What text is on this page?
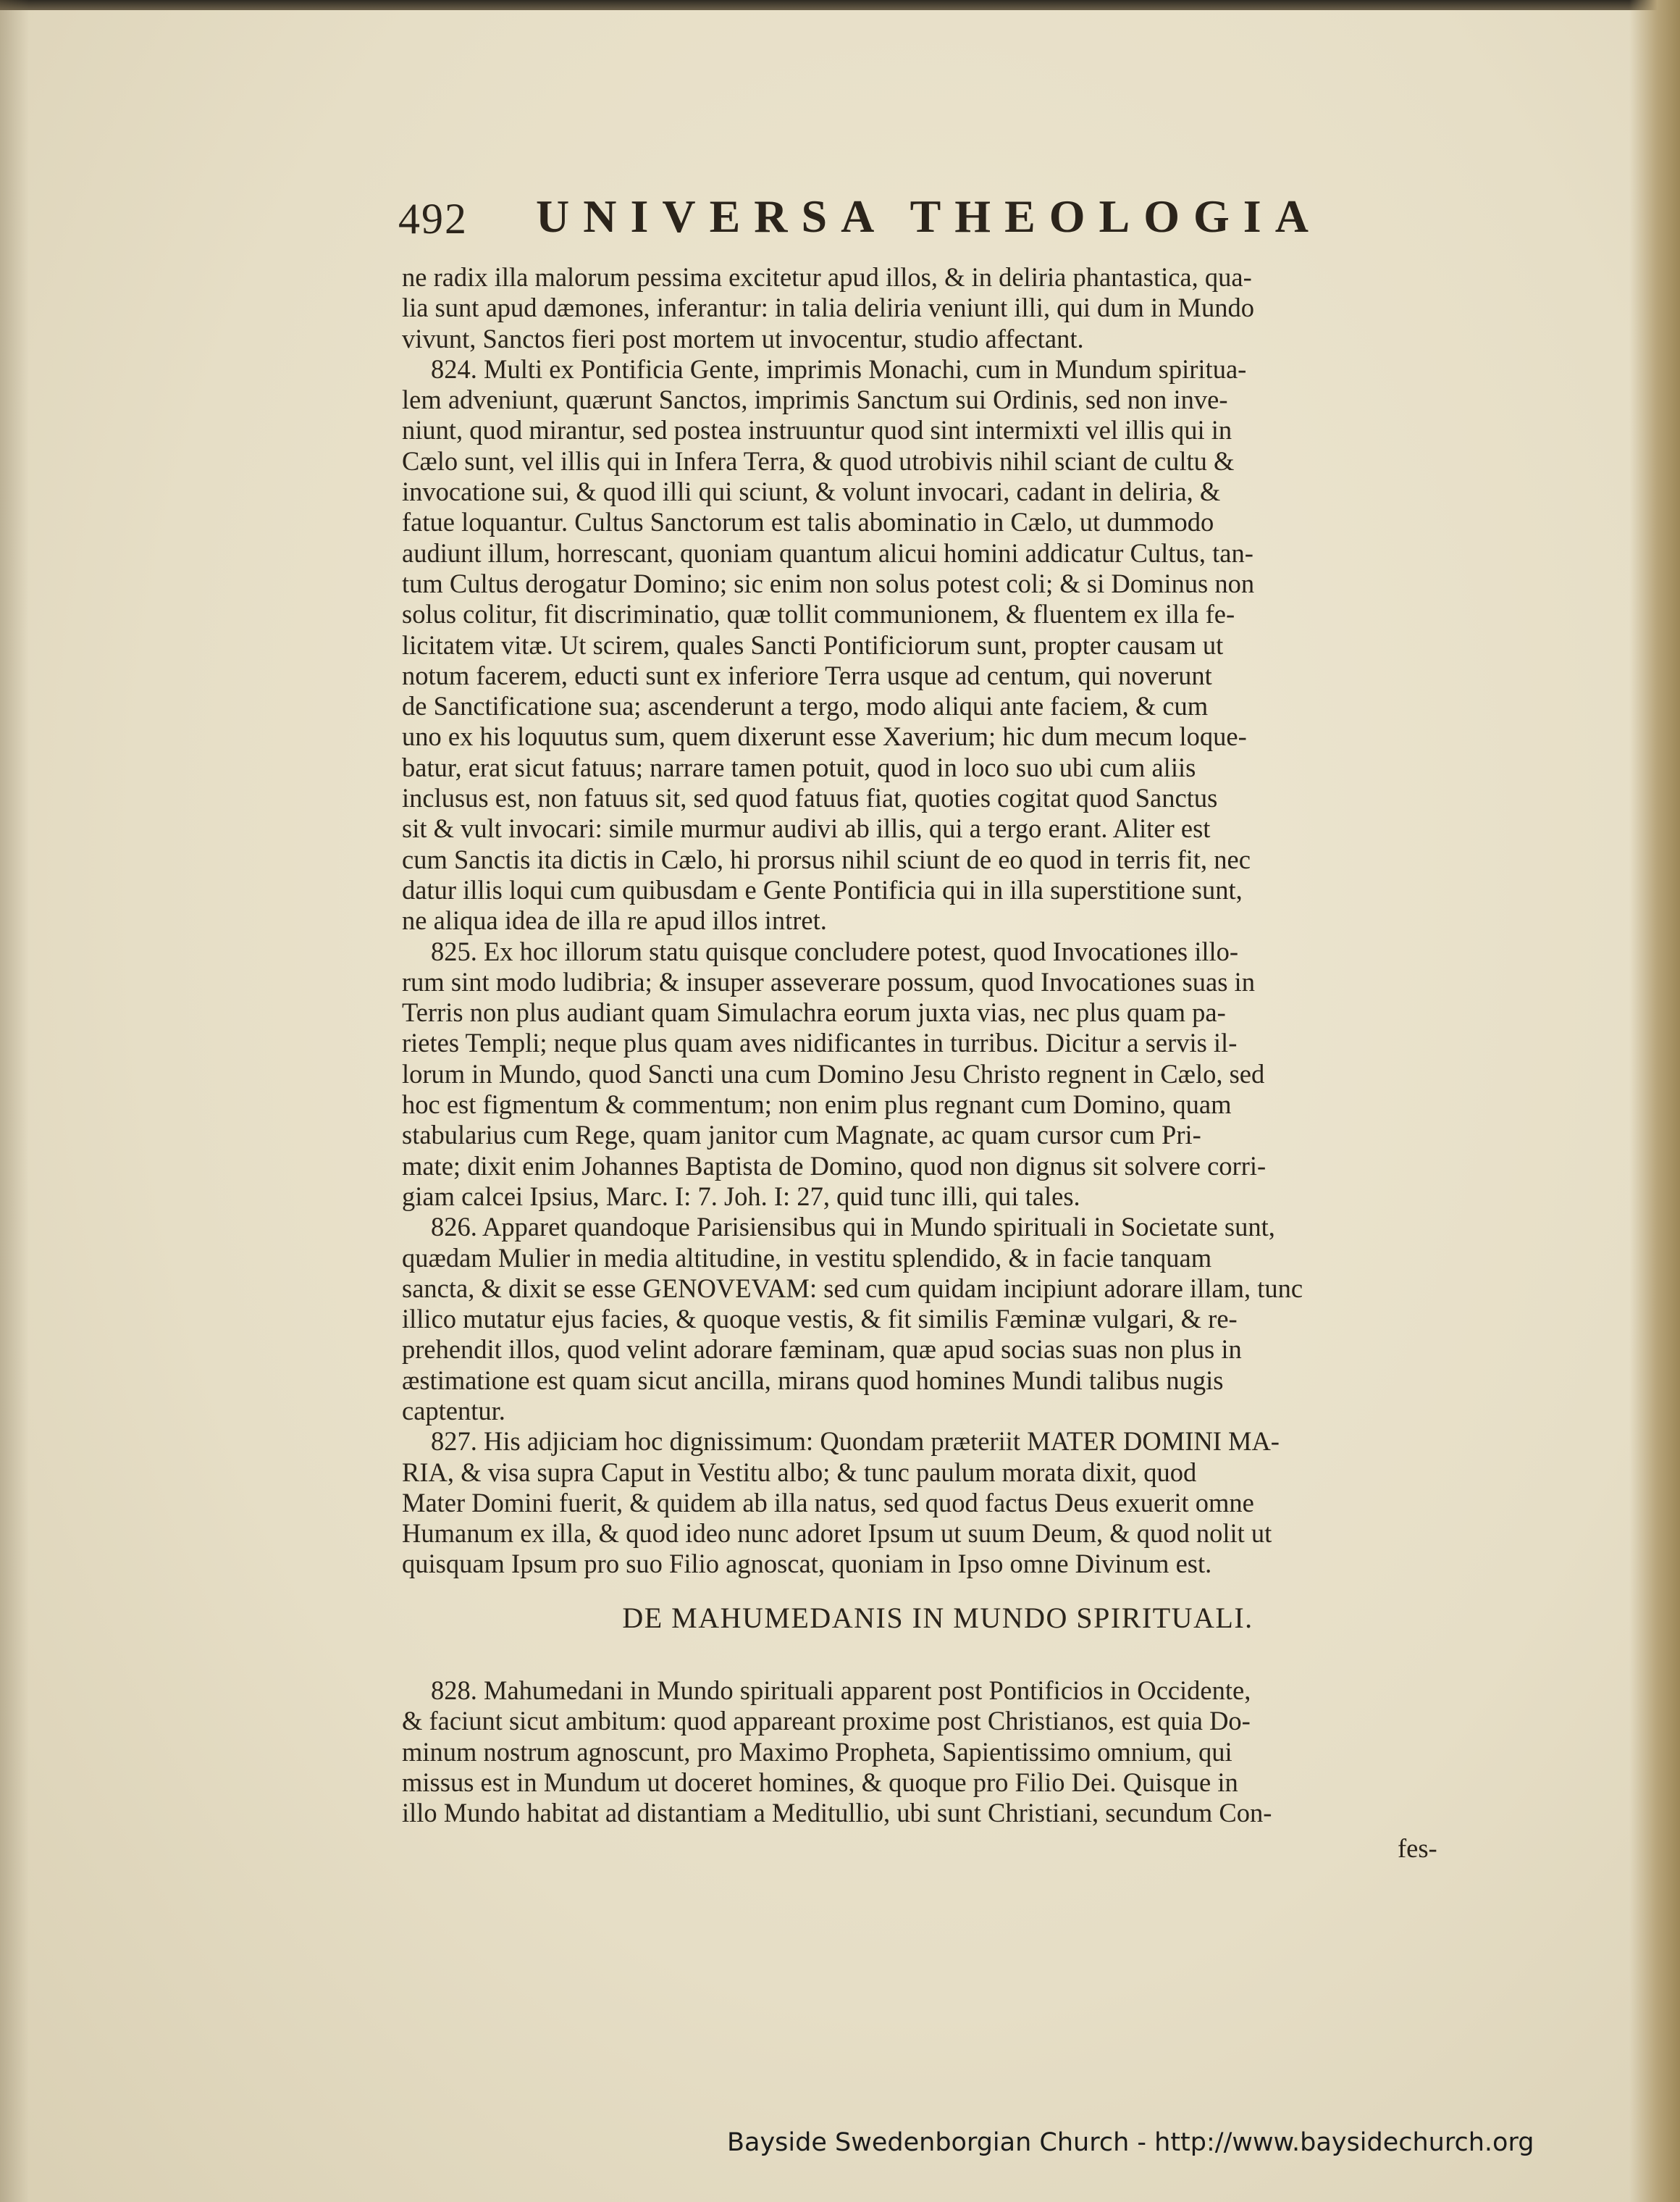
492 UNIVERSA THEOLOGIA
ne radix illa malorum pessima excitetur apud illos, & in deliria phantastica, qua-
lia sunt apud dæmones, inferantur: in talia deliria veniunt illi, qui dum in Mundo
vivunt, Sanctos fieri post mortem ut invocentur, studio affectant.
824. Multi ex Pontificia Gente, imprimis Monachi, cum in Mundum spiritua-
lem adveniunt, quærunt Sanctos, imprimis Sanctum sui Ordinis, sed non inve-
niunt, quod mirantur, sed postea instruuntur quod sint intermixti vel illis qui in
Cælo sunt, vel illis qui in Infera Terra, & quod utrobivis nihil sciant de cultu &
invocatione sui, & quod illi qui sciunt, & volunt invocari, cadant in deliria, &
fatue loquantur. Cultus Sanctorum est talis abominatio in Cælo, ut dummodo
audiunt illum, horrescant, quoniam quantum alicui homini addicatur Cultus, tan-
tum Cultus derogatur Domino; sic enim non solus potest coli; & si Dominus non
solus colitur, fit discriminatio, quæ tollit communionem, & fluentem ex illa fe-
licitatem vitæ. Ut scirem, quales Sancti Pontificiorum sunt, propter causam ut
notum facerem, educti sunt ex inferiore Terra usque ad centum, qui noverunt
de Sanctificatione sua; ascenderunt a tergo, modo aliqui ante faciem, & cum
uno ex his loquutus sum, quem dixerunt esse Xaverium; hic dum mecum loque-
batur, erat sicut fatuus; narrare tamen potuit, quod in loco suo ubi cum aliis
inclusus est, non fatuus sit, sed quod fatuus fiat, quoties cogitat quod Sanctus
sit & vult invocari: simile murmur audivi ab illis, qui a tergo erant. Aliter est
cum Sanctis ita dictis in Cælo, hi prorsus nihil sciunt de eo quod in terris fit, nec
datur illis loqui cum quibusdam e Gente Pontificia qui in illa superstitione sunt,
ne aliqua idea de illa re apud illos intret.
825. Ex hoc illorum statu quisque concludere potest, quod Invocationes illo-
rum sint modo ludibria; & insuper asseverare possum, quod Invocationes suas in
Terris non plus audiant quam Simulachra eorum juxta vias, nec plus quam pa-
rietes Templi; neque plus quam aves nidificantes in turribus. Dicitur a servis il-
lorum in Mundo, quod Sancti una cum Domino Jesu Christo regnent in Cælo, sed
hoc est figmentum & commentum; non enim plus regnant cum Domino, quam
stabularius cum Rege, quam janitor cum Magnate, ac quam cursor cum Pri-
mate; dixit enim Johannes Baptista de Domino, quod non dignus sit solvere corri-
giam calcei Ipsius, Marc. I: 7. Joh. I: 27, quid tunc illi, qui tales.
826. Apparet quandoque Parisiensibus qui in Mundo spirituali in Societate sunt,
quædam Mulier in media altitudine, in vestitu splendido, & in facie tanquam
sancta, & dixit se esse GENOVEVAM: sed cum quidam incipiunt adorare illam, tunc
illico mutatur ejus facies, & quoque vestis, & fit similis Fæminæ vulgari, & re-
prehendit illos, quod velint adorare fæminam, quæ apud socias suas non plus in
æstimatione est quam sicut ancilla, mirans quod homines Mundi talibus nugis
captentur.
827. His adjiciam hoc dignissimum: Quondam præteriit MATER DOMINI MA-
RIA, & visa supra Caput in Vestitu albo; & tunc paulum morata dixit, quod
Mater Domini fuerit, & quidem ab illa natus, sed quod factus Deus exuerit omne
Humanum ex illa, & quod ideo nunc adoret Ipsum ut suum Deum, & quod nolit ut
quisquam Ipsum pro suo Filio agnoscat, quoniam in Ipso omne Divinum est.
DE MAHUMEDANIS IN MUNDO SPIRITUALI.
828. Mahumedani in Mundo spirituali apparent post Pontificios in Occidente,
& faciunt sicut ambitum: quod appareant proxime post Christianos, est quia Do-
minum nostrum agnoscunt, pro Maximo Propheta, Sapientissimo omnium, qui
missus est in Mundum ut doceret homines, & quoque pro Filio Dei. Quisque in
illo Mundo habitat ad distantiam a Meditullio, ubi sunt Christiani, secundum Con-
fes-
Bayside Swedenborgian Church - http://www.baysidechurch.org
